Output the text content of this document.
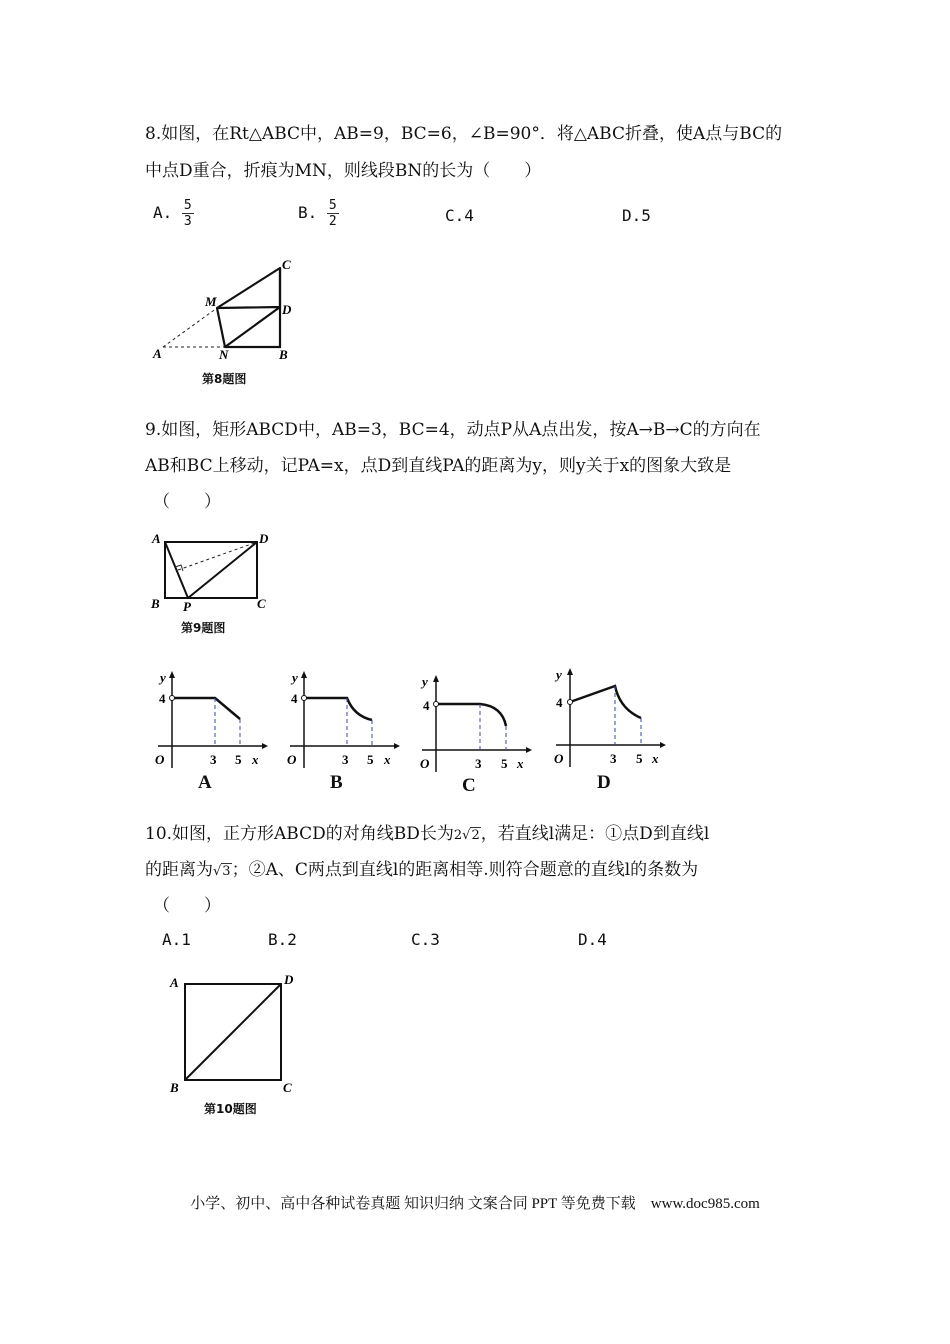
8.如图，在Rt△ABC中，AB=9，BC=6，∠B=90°．将△ABC折叠，使A点与BC的
中点D重合，折痕为MN，则线段BN的长为（　　）
A. $\frac{5}{3}$	B. $\frac{5}{2}$	C.4	D.5
C
D
M
A	N	B
第8题图
9.如图，矩形ABCD中，AB=3，BC=4，动点P从A点出发，按A→B→C的方向在
AB和BC上移动，记PA=x，点D到直线PA的距离为y，则y关于x的图象大致是
（　　）
A	D
B P	C
第9题图
y
4
O	3 5 x
A
y
4
O	3 5 x
B
y
4
O	3 5 x
C
y
4
O	3 5 x
D
10.如图，正方形ABCD的对角线BD长为2√2，若直线l满足：①点D到直线l
的距离为√3；②A、C两点到直线l的距离相等.则符合题意的直线l的条数为
（　　）
A.1	B.2	C.3	D.4
A	D
B	C
第10题图
小学、初中、高中各种试卷真题 知识归纳 文案合同 PPT 等免费下载　www.doc985.com
